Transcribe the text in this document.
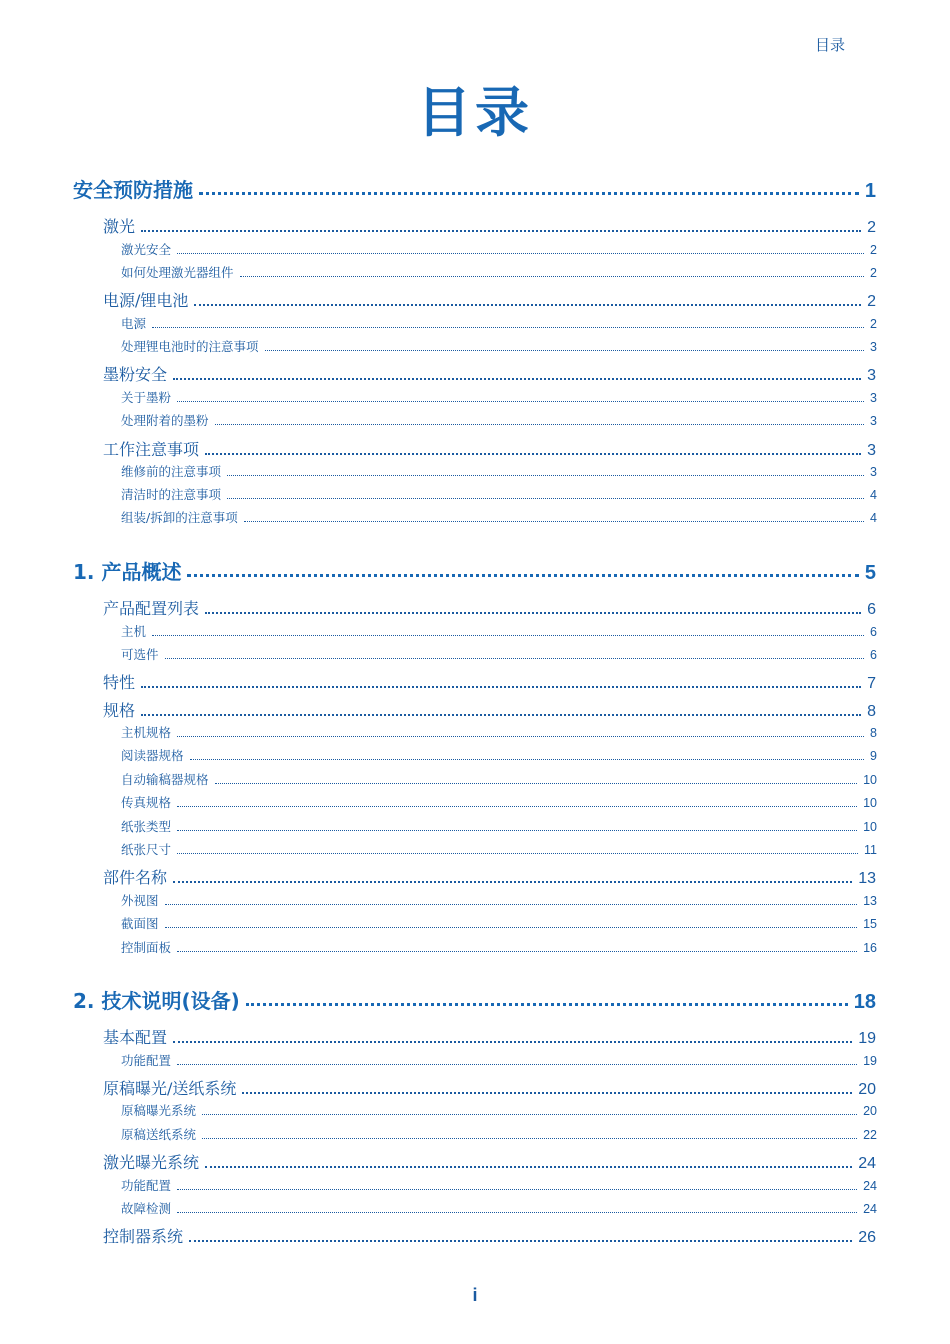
目录
目录
安全预防措施	1
激光	2
激光安全	2
如何处理激光器组件	2
电源/锂电池	2
电源	2
处理锂电池时的注意事项	3
墨粉安全	3
关于墨粉	3
处理附着的墨粉	3
工作注意事项	3
维修前的注意事项	3
清洁时的注意事项	4
组装/拆卸的注意事项	4
1. 产品概述	5
产品配置列表	6
主机	6
可选件	6
特性	7
规格	8
主机规格	8
阅读器规格	9
自动输稿器规格	10
传真规格	10
纸张类型	10
纸张尺寸	11
部件名称	13
外视图	13
截面图	15
控制面板	16
2. 技术说明(设备)	18
基本配置	19
功能配置	19
原稿曝光/送纸系统	20
原稿曝光系统	20
原稿送纸系统	22
激光曝光系统	24
功能配置	24
故障检测	24
控制器系统	26
i
